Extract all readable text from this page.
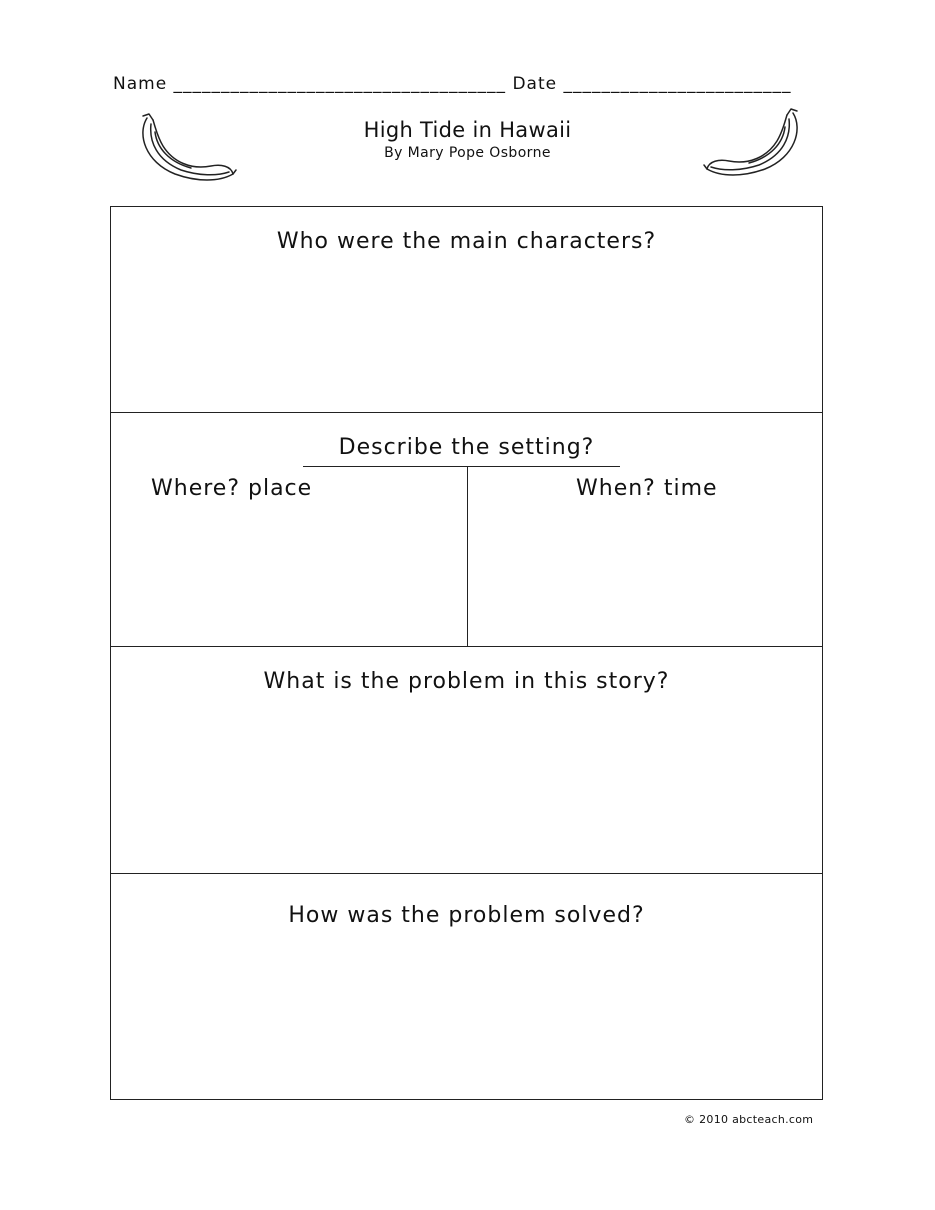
Name ___________________________________ Date ________________________
High Tide in Hawaii
By Mary Pope Osborne
Who were the main characters?
Describe the setting?
Where? place	When? time
What is the problem in this story?
How was the problem solved?
© 2010 abcteach.com
